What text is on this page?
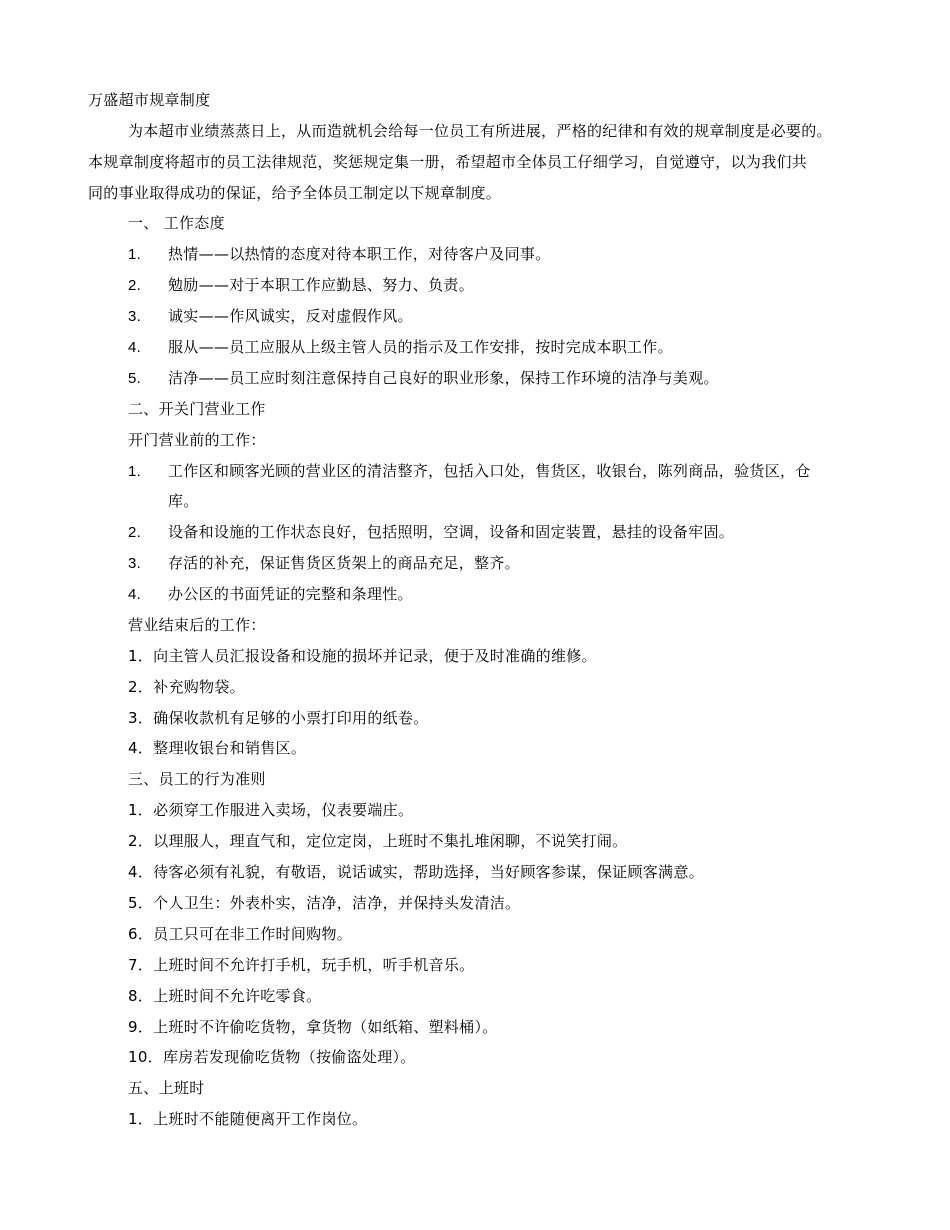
万盛超市规章制度
为本超市业绩蒸蒸日上，从而造就机会给每一位员工有所进展，严格的纪律和有效的规章制度是必要的。
本规章制度将超市的员工法律规范，奖惩规定集一册，希望超市全体员工仔细学习，自觉遵守，以为我们共
同的事业取得成功的保证，给予全体员工制定以下规章制度。
一、 工作态度
1. 热情——以热情的态度对待本职工作，对待客户及同事。
2. 勉励——对于本职工作应勤恳、努力、负责。
3. 诚实——作风诚实，反对虚假作风。
4. 服从——员工应服从上级主管人员的指示及工作安排，按时完成本职工作。
5. 洁净——员工应时刻注意保持自己良好的职业形象，保持工作环境的洁净与美观。
二、开关门营业工作
开门营业前的工作：
1. 工作区和顾客光顾的营业区的清洁整齐，包括入口处，售货区，收银台，陈列商品，验货区，仓
库。
2. 设备和设施的工作状态良好，包括照明，空调，设备和固定装置，悬挂的设备牢固。
3. 存活的补充，保证售货区货架上的商品充足，整齐。
4. 办公区的书面凭证的完整和条理性。
营业结束后的工作：
1．向主管人员汇报设备和设施的损坏并记录，便于及时准确的维修。
2．补充购物袋。
3．确保收款机有足够的小票打印用的纸卷。
4．整理收银台和销售区。
三、员工的行为准则
1．必须穿工作服进入卖场，仪表要端庄。
2．以理服人，理直气和，定位定岗，上班时不集扎堆闲聊，不说笑打闹。
4．待客必须有礼貌，有敬语，说话诚实，帮助选择，当好顾客参谋，保证顾客满意。
5．个人卫生：外表朴实，洁净，洁净，并保持头发清洁。
6．员工只可在非工作时间购物。
7．上班时间不允许打手机，玩手机，听手机音乐。
8．上班时间不允许吃零食。
9．上班时不许偷吃货物，拿货物（如纸箱、塑料桶）。
10．库房若发现偷吃货物（按偷盗处理）。
五、上班时
1．上班时不能随便离开工作岗位。
